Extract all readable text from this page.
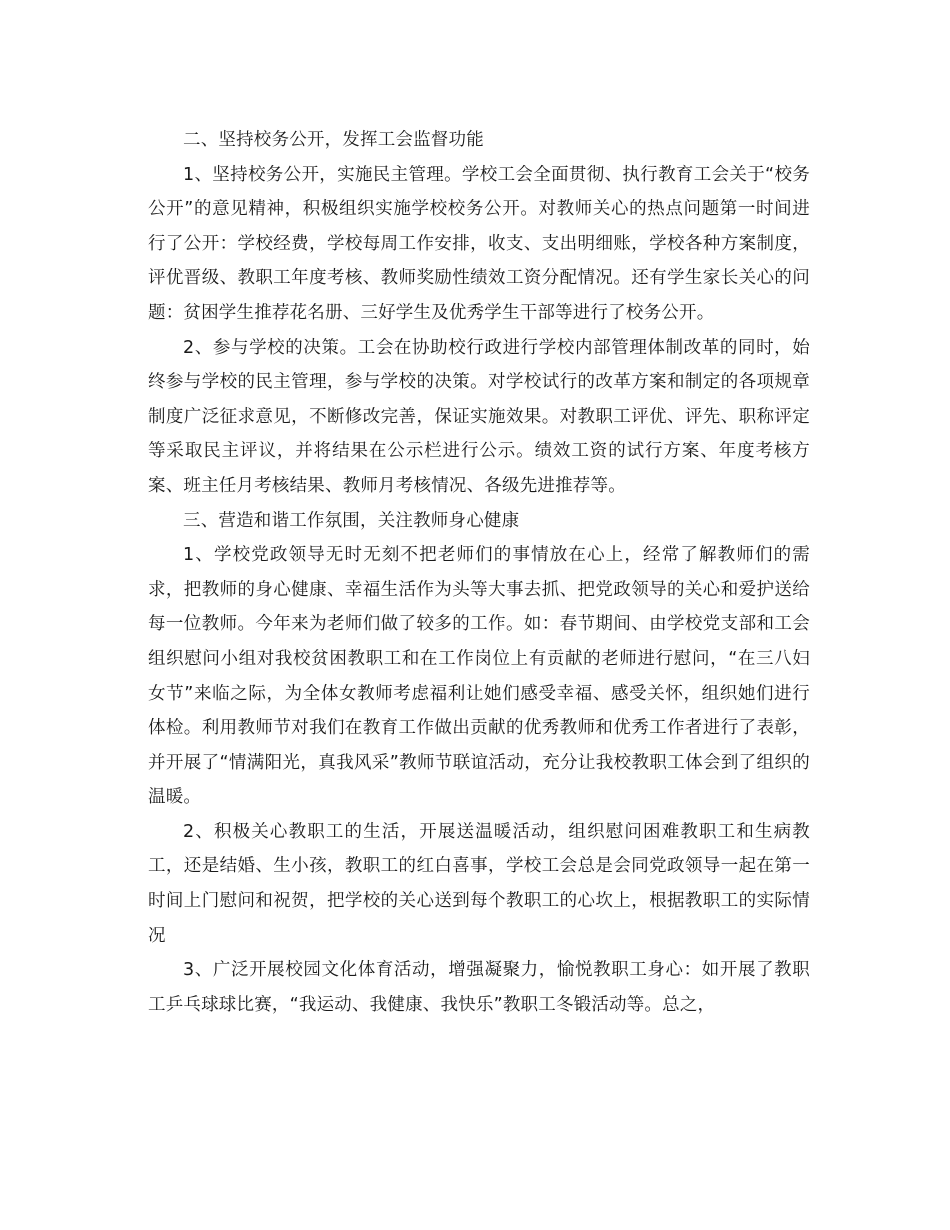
二、坚持校务公开，发挥工会监督功能

1、坚持校务公开，实施民主管理。学校工会全面贯彻、执行教育工会关于“校务公开”的意见精神，积极组织实施学校校务公开。对教师关心的热点问题第一时间进行了公开：学校经费，学校每周工作安排，收支、支出明细账，学校各种方案制度，评优晋级、教职工年度考核、教师奖励性绩效工资分配情况。还有学生家长关心的问题：贫困学生推荐花名册、三好学生及优秀学生干部等进行了校务公开。

2、参与学校的决策。工会在协助校行政进行学校内部管理体制改革的同时，始终参与学校的民主管理，参与学校的决策。对学校试行的改革方案和制定的各项规章制度广泛征求意见，不断修改完善，保证实施效果。对教职工评优、评先、职称评定等采取民主评议，并将结果在公示栏进行公示。绩效工资的试行方案、年度考核方案、班主任月考核结果、教师月考核情况、各级先进推荐等。

三、营造和谐工作氛围，关注教师身心健康

1、学校党政领导无时无刻不把老师们的事情放在心上，经常了解教师们的需求，把教师的身心健康、幸福生活作为头等大事去抓、把党政领导的关心和爱护送给每一位教师。今年来为老师们做了较多的工作。如：春节期间、由学校党支部和工会组织慰问小组对我校贫困教职工和在工作岗位上有贡献的老师进行慰问，“在三八妇女节”来临之际，为全体女教师考虑福利让她们感受幸福、感受关怀，组织她们进行体检。利用教师节对我们在教育工作做出贡献的优秀教师和优秀工作者进行了表彰，并开展了“情满阳光，真我风采”教师节联谊活动，充分让我校教职工体会到了组织的温暖。

2、积极关心教职工的生活，开展送温暖活动，组织慰问困难教职工和生病教工，还是结婚、生小孩，教职工的红白喜事，学校工会总是会同党政领导一起在第一时间上门慰问和祝贺，把学校的关心送到每个教职工的心坎上，根据教职工的实际情况

3、广泛开展校园文化体育活动，增强凝聚力，愉悦教职工身心：如开展了教职工乒乓球球比赛，“我运动、我健康、我快乐”教职工冬锻活动等。总之，
